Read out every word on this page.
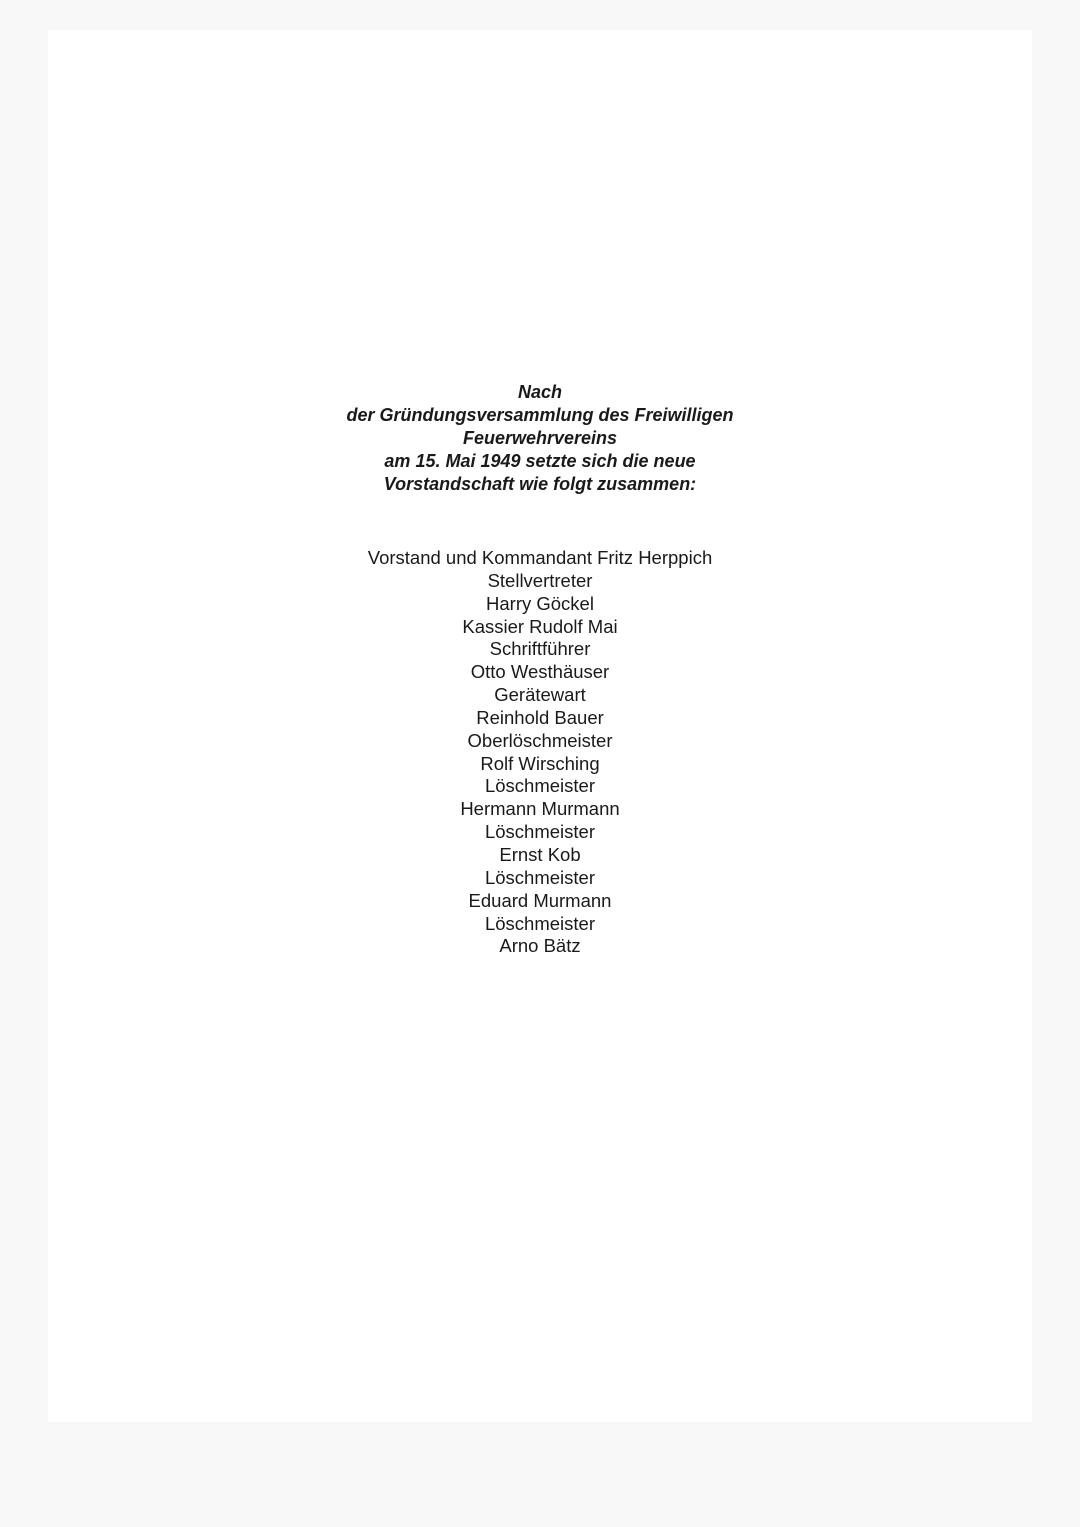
Nach
der Gründungsversammlung des Freiwilligen
Feuerwehrvereins
am 15. Mai 1949 setzte sich die neue
Vorstandschaft wie folgt zusammen:
Vorstand und Kommandant Fritz Herppich
Stellvertreter
Harry Göckel
Kassier Rudolf Mai
Schriftführer
Otto Westhäuser
Gerätewart
Reinhold Bauer
Oberlöschmeister
Rolf Wirsching
Löschmeister
Hermann Murmann
Löschmeister
Ernst Kob
Löschmeister
Eduard Murmann
Löschmeister
Arno Bätz
